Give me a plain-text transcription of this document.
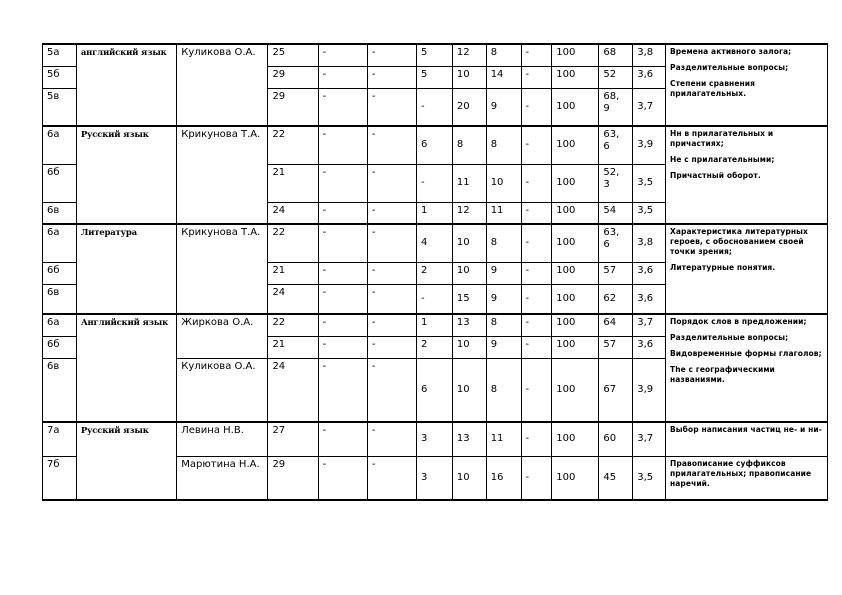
5а	английский язык	Куликова О.А.	25	-	-	5	12	8	-	100	68	3,8	Времена активного залога;
Разделительные вопросы;
Степени сравнения прилагательных.

5б			29	-	-	5	10	14	-	100	52	3,6	
5в			29	-	-	-	20	9	-	100	68, 9	3,7	
6а	Русский язык	Крикунова Т.А.	22	-	-	6	8	8	-	100	63, 6	3,9	Нн в прилагательных и причастиях;
Не с прилагательными;
Причастный оборот.

6б			21	-	-	-	11	10	-	100	52, 3	3,5	
6в			24	-	-	1	12	11	-	100	54	3,5	
6а	Литература	Крикунова Т.А.	22	-	-	4	10	8	-	100	63, 6	3,8	Характеристика литературных героев, с обоснованием своей точки зрения;
Литературные понятия.

6б			21	-	-	2	10	9	-	100	57	3,6	
6в			24	-	-	-	15	9	-	100	62	3,6	
6а	Английский язык	Жиркова О.А.	22	-	-	1	13	8	-	100	64	3,7	Порядок слов в предложении;
Разделительные вопросы;
Видовременные формы глаголов;
The с географическими названиями.

6б			21	-	-	2	10	9	-	100	57	3,6	
6в		Куликова О.А.	24	-	-	6	10	8	-	100	67	3,9	
7а	Русский язык	Левина Н.В.	27	-	-	3	13	11	-	100	60	3,7	Выбор написания частиц не- и ни-
7б		Марютина Н.А.	29	-	-	3	10	16	-	100	45	3,5	Правописание суффиксов прилагательных; правописание наречий.
